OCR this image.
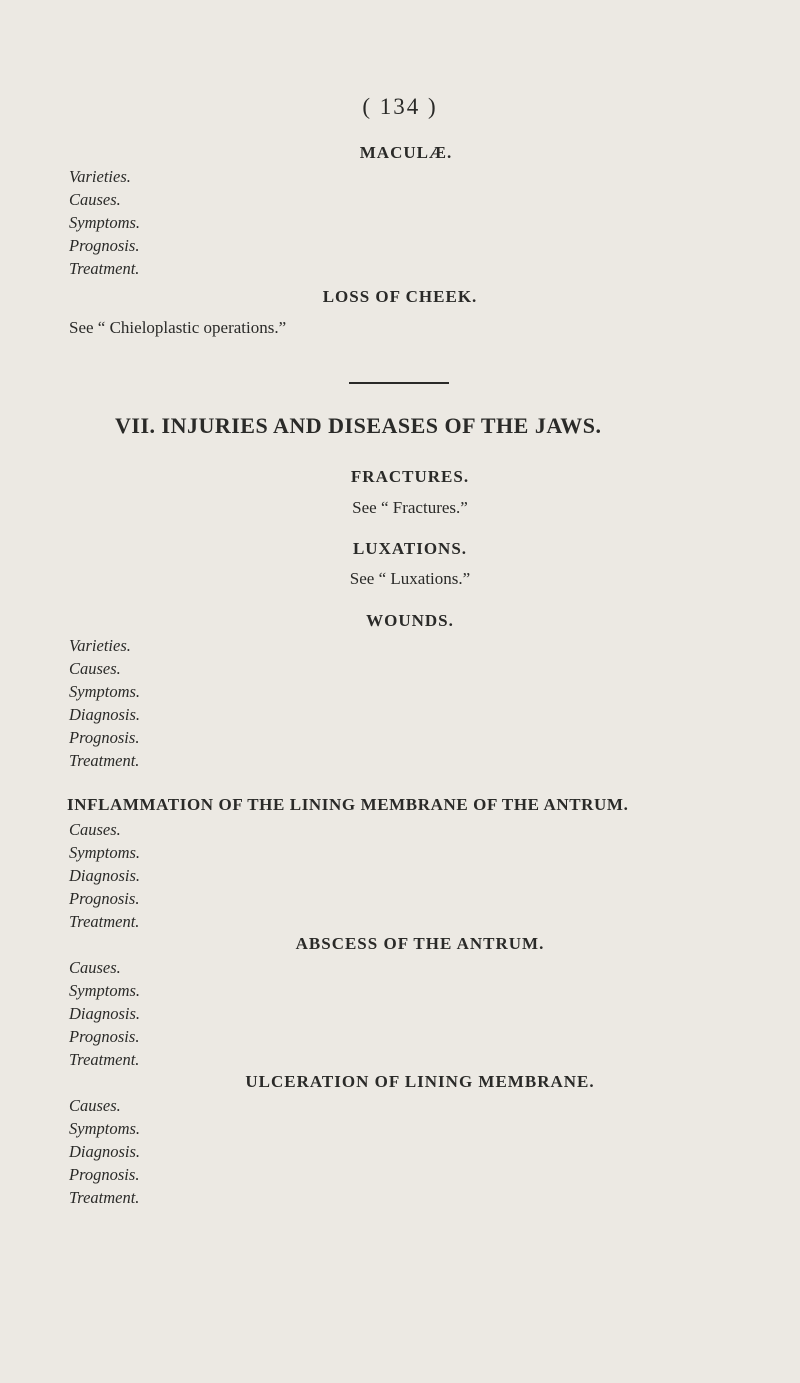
( 134 )
MACULÆ.
Varieties.
Causes.
Symptoms.
Prognosis.
Treatment.
LOSS OF CHEEK.
See “ Chieloplastic operations.”
VII. INJURIES AND DISEASES OF THE JAWS.
FRACTURES.
See “ Fractures.”
LUXATIONS.
See “ Luxations.”
WOUNDS.
Varieties.
Causes.
Symptoms.
Diagnosis.
Prognosis.
Treatment.
INFLAMMATION OF THE LINING MEMBRANE OF THE ANTRUM.
Causes.
Symptoms.
Diagnosis.
Prognosis.
Treatment.
ABSCESS OF THE ANTRUM.
Causes.
Symptoms.
Diagnosis.
Prognosis.
Treatment.
ULCERATION OF LINING MEMBRANE.
Causes.
Symptoms.
Diagnosis.
Prognosis.
Treatment.
